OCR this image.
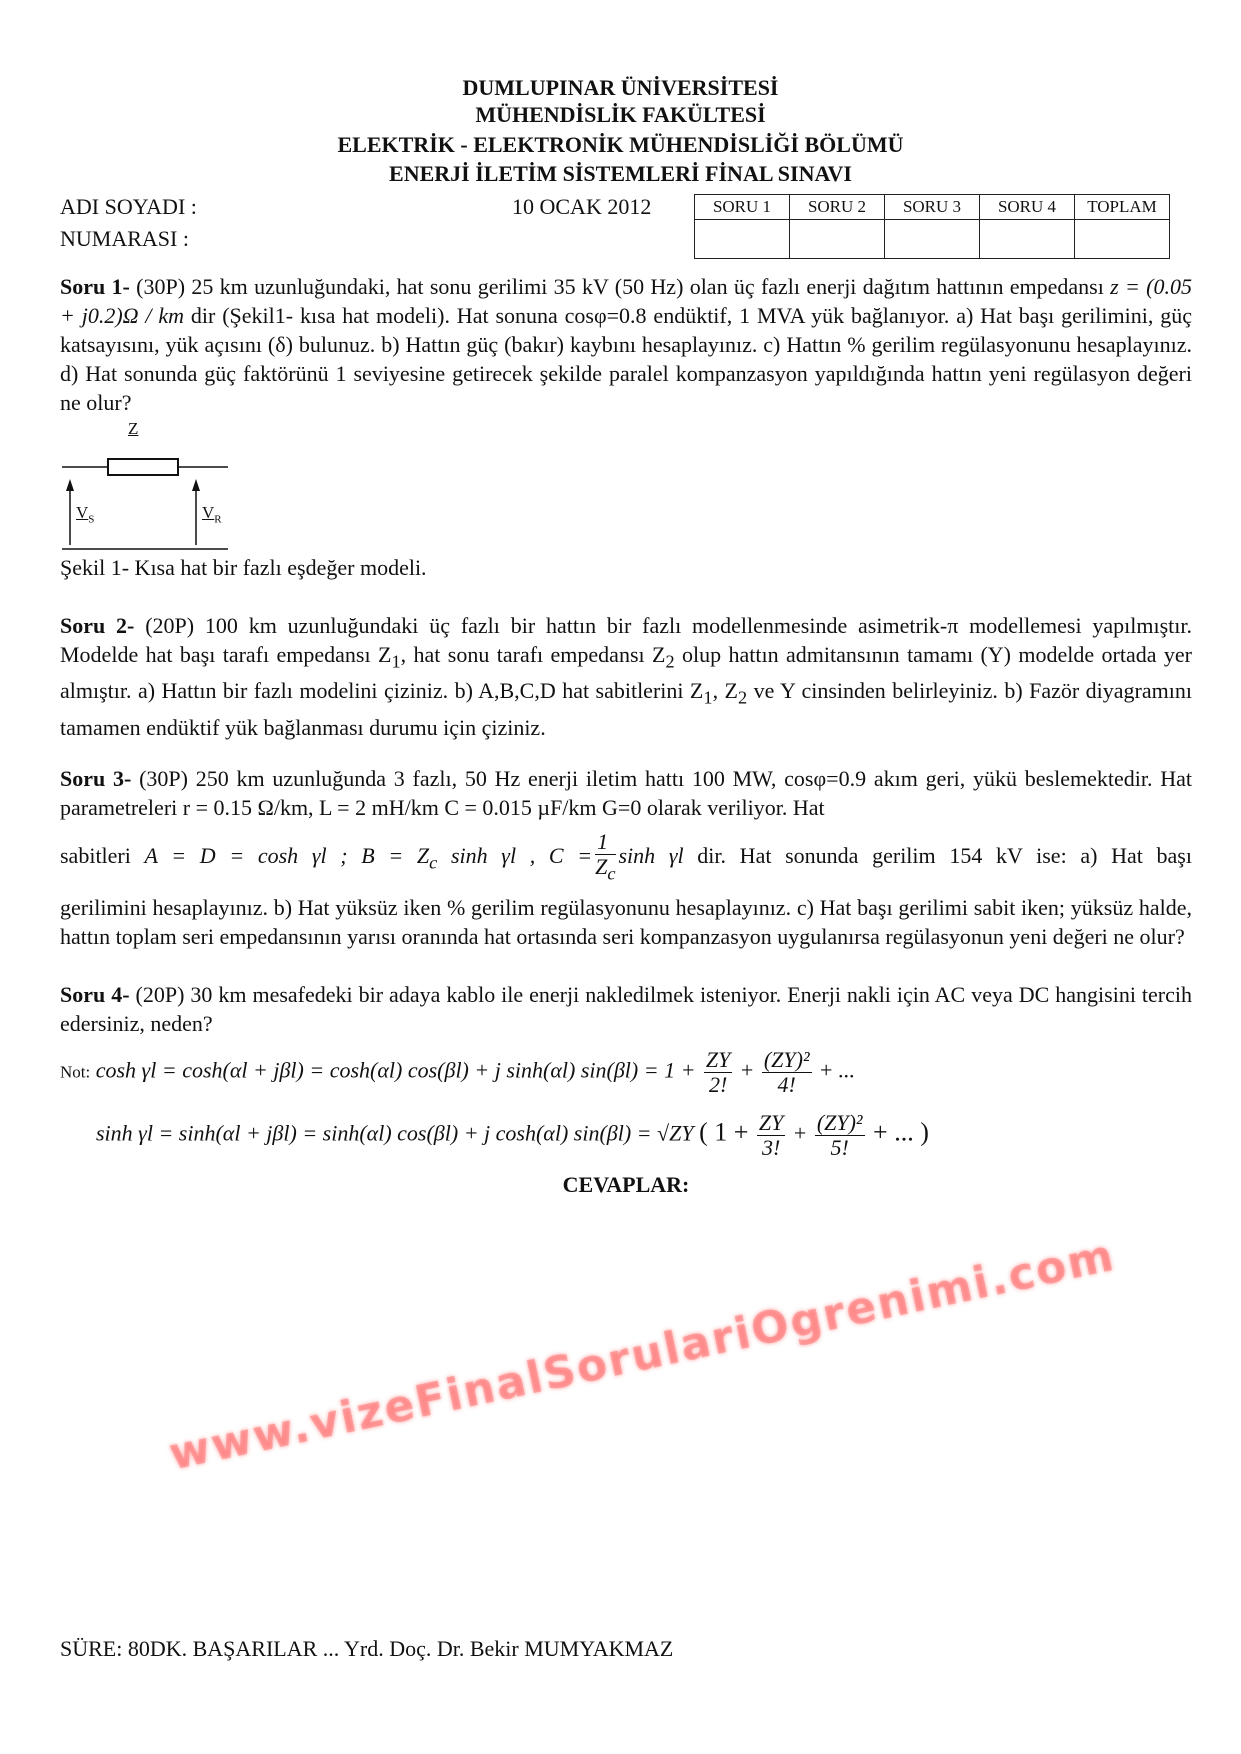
DUMLUPINAR ÜNİVERSİTESİ
MÜHENDİSLİK FAKÜLTESİ
ELEKTRİK - ELEKTRONİK MÜHENDİSLİĞİ BÖLÜMÜ
ENERJİ İLETİM SİSTEMLERİ FİNAL SINAVI
ADI SOYADI :
NUMARASI :
10 OCAK 2012	SORU 1	SORU 2	SORU 3	SORU 4	TOPLAM

Soru 1- (30P) 25 km uzunluğundaki, hat sonu gerilimi 35 kV (50 Hz) olan üç fazlı enerji dağıtım hattının empedansı z = (0.05 + j0.2)Ω / km dir (Şekil1- kısa hat modeli). Hat sonuna cosφ=0.8 endüktif, 1 MVA yük bağlanıyor. a) Hat başı gerilimini, güç katsayısını, yük açısını (δ) bulunuz. b) Hattın güç (bakır) kaybını hesaplayınız. c) Hattın % gerilim regülasyonunu hesaplayınız. d) Hat sonunda güç faktörünü 1 seviyesine getirecek şekilde paralel kompanzasyon yapıldığında hattın yeni regülasyon değeri ne olur?
Z
$V_S$	$V_R$
Şekil 1- Kısa hat bir fazlı eşdeğer modeli.
Soru 2- (20P) 100 km uzunluğundaki üç fazlı bir hattın bir fazlı modellenmesinde asimetrik-π modellemesi yapılmıştır. Modelde hat başı tarafı empedansı $Z_1$, hat sonu tarafı empedansı $Z_2$ olup hattın admitansının tamamı (Y) modelde ortada yer almıştır. a) Hattın bir fazlı modelini çiziniz. b) A,B,C,D hat sabitlerini $Z_1$, $Z_2$ ve Y cinsinden belirleyiniz. b) Fazör diyagramını tamamen endüktif yük bağlanması durumu için çiziniz.
Soru 3- (30P) 250 km uzunluğunda 3 fazlı, 50 Hz enerji iletim hattı 100 MW, cosφ=0.9 akım geri, yükü beslemektedir. Hat parametreleri r = 0.15 Ω/km, L = 2 mH/km C = 0.015 µF/km G=0 olarak veriliyor. Hat
sabitleri A = D = cosh γl ; $B = Z_c$ sinh γl , $C = \frac{1}{Z_c}$ sinh γl dir. Hat sonunda gerilim 154 kV ise: a) Hat başı
gerilimini hesaplayınız. b) Hat yüksüz iken % gerilim regülasyonunu hesaplayınız. c) Hat başı gerilimi sabit iken; yüksüz halde, hattın toplam seri empedansının yarısı oranında hat ortasında seri kompanzasyon uygulanırsa regülasyonun yeni değeri ne olur?
Soru 4- (20P) 30 km mesafedeki bir adaya kablo ile enerji nakledilmek isteniyor. Enerji nakli için AC veya DC hangisini tercih edersiniz, neden?
Not: cosh γl = cosh(αl + jβl) = cosh(αl) cos(βl) + j sinh(αl) $\sin(\beta l) = 1 + \frac{ZY}{2!} + \frac{\text{(ZY)²}}{4!}$ + ...
sinh γl = sinh(αl + jβl) = sinh(αl) cos(βl) + j cosh(αl) sin(βl) = √ZY ( $1 + \frac{ZY}{3!} + \frac{\text{(ZY)²}}{5!}$ + ... )
CEVAPLAR:
SÜRE: 80DK. BAŞARILAR ... Yrd. Doç. Dr. Bekir MUMYAKMAZ
www.vizeFinalSorulariOgrenimi.com
